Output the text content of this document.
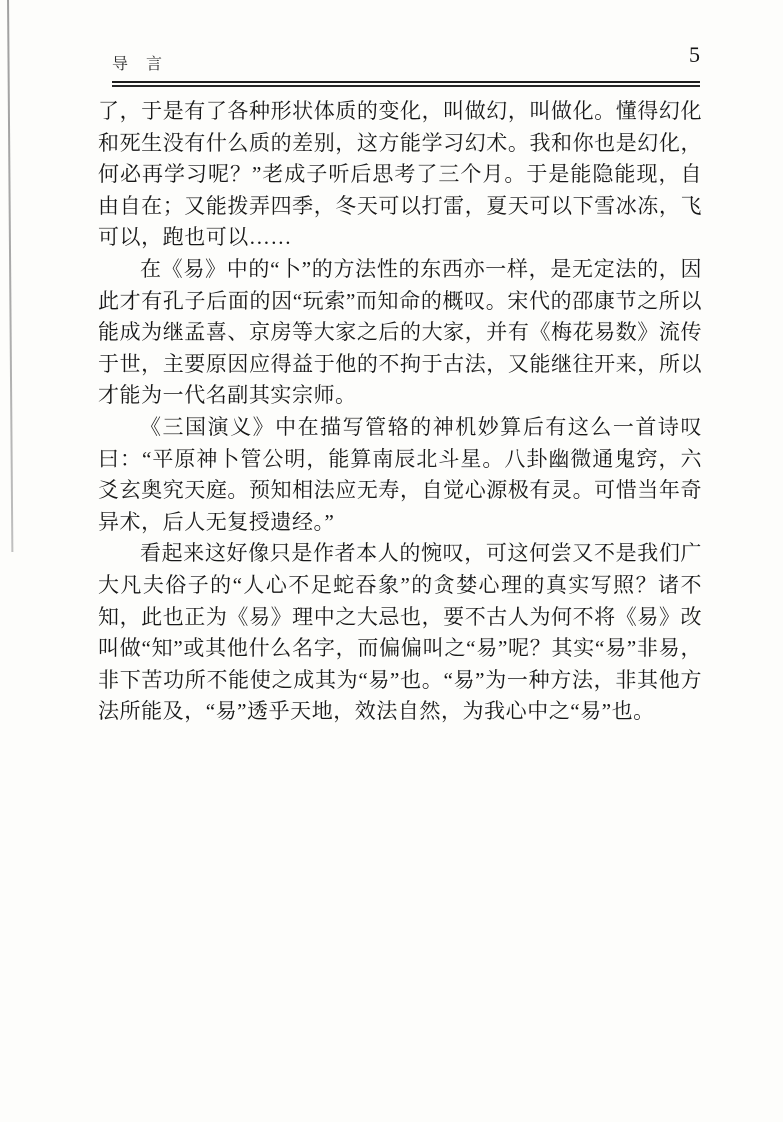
导　言	5

了，于是有了各种形状体质的变化，叫做幻，叫做化。懂得幻化和死生没有什么质的差别，这方能学习幻术。我和你也是幻化，何必再学习呢？”老成子听后思考了三个月。于是能隐能现，自由自在；又能拨弄四季，冬天可以打雷，夏天可以下雪冰冻，飞可以，跑也可以……

在《易》中的“卜”的方法性的东西亦一样，是无定法的，因此才有孔子后面的因“玩索”而知命的概叹。宋代的邵康节之所以能成为继孟喜、京房等大家之后的大家，并有《梅花易数》流传于世，主要原因应得益于他的不拘于古法，又能继往开来，所以才能为一代名副其实宗师。

《三国演义》中在描写管辂的神机妙算后有这么一首诗叹曰：“平原神卜管公明，能算南辰北斗星。八卦幽微通鬼窍，六爻玄奥究天庭。预知相法应无寿，自觉心源极有灵。可惜当年奇异术，后人无复授遗经。”

看起来这好像只是作者本人的惋叹，可这何尝又不是我们广大凡夫俗子的“人心不足蛇吞象”的贪婪心理的真实写照？诸不知，此也正为《易》理中之大忌也，要不古人为何不将《易》改叫做“知”或其他什么名字，而偏偏叫之“易”呢？其实“易”非易，非下苦功所不能使之成其为“易”也。“易”为一种方法，非其他方法所能及，“易”透乎天地，效法自然，为我心中之“易”也。
